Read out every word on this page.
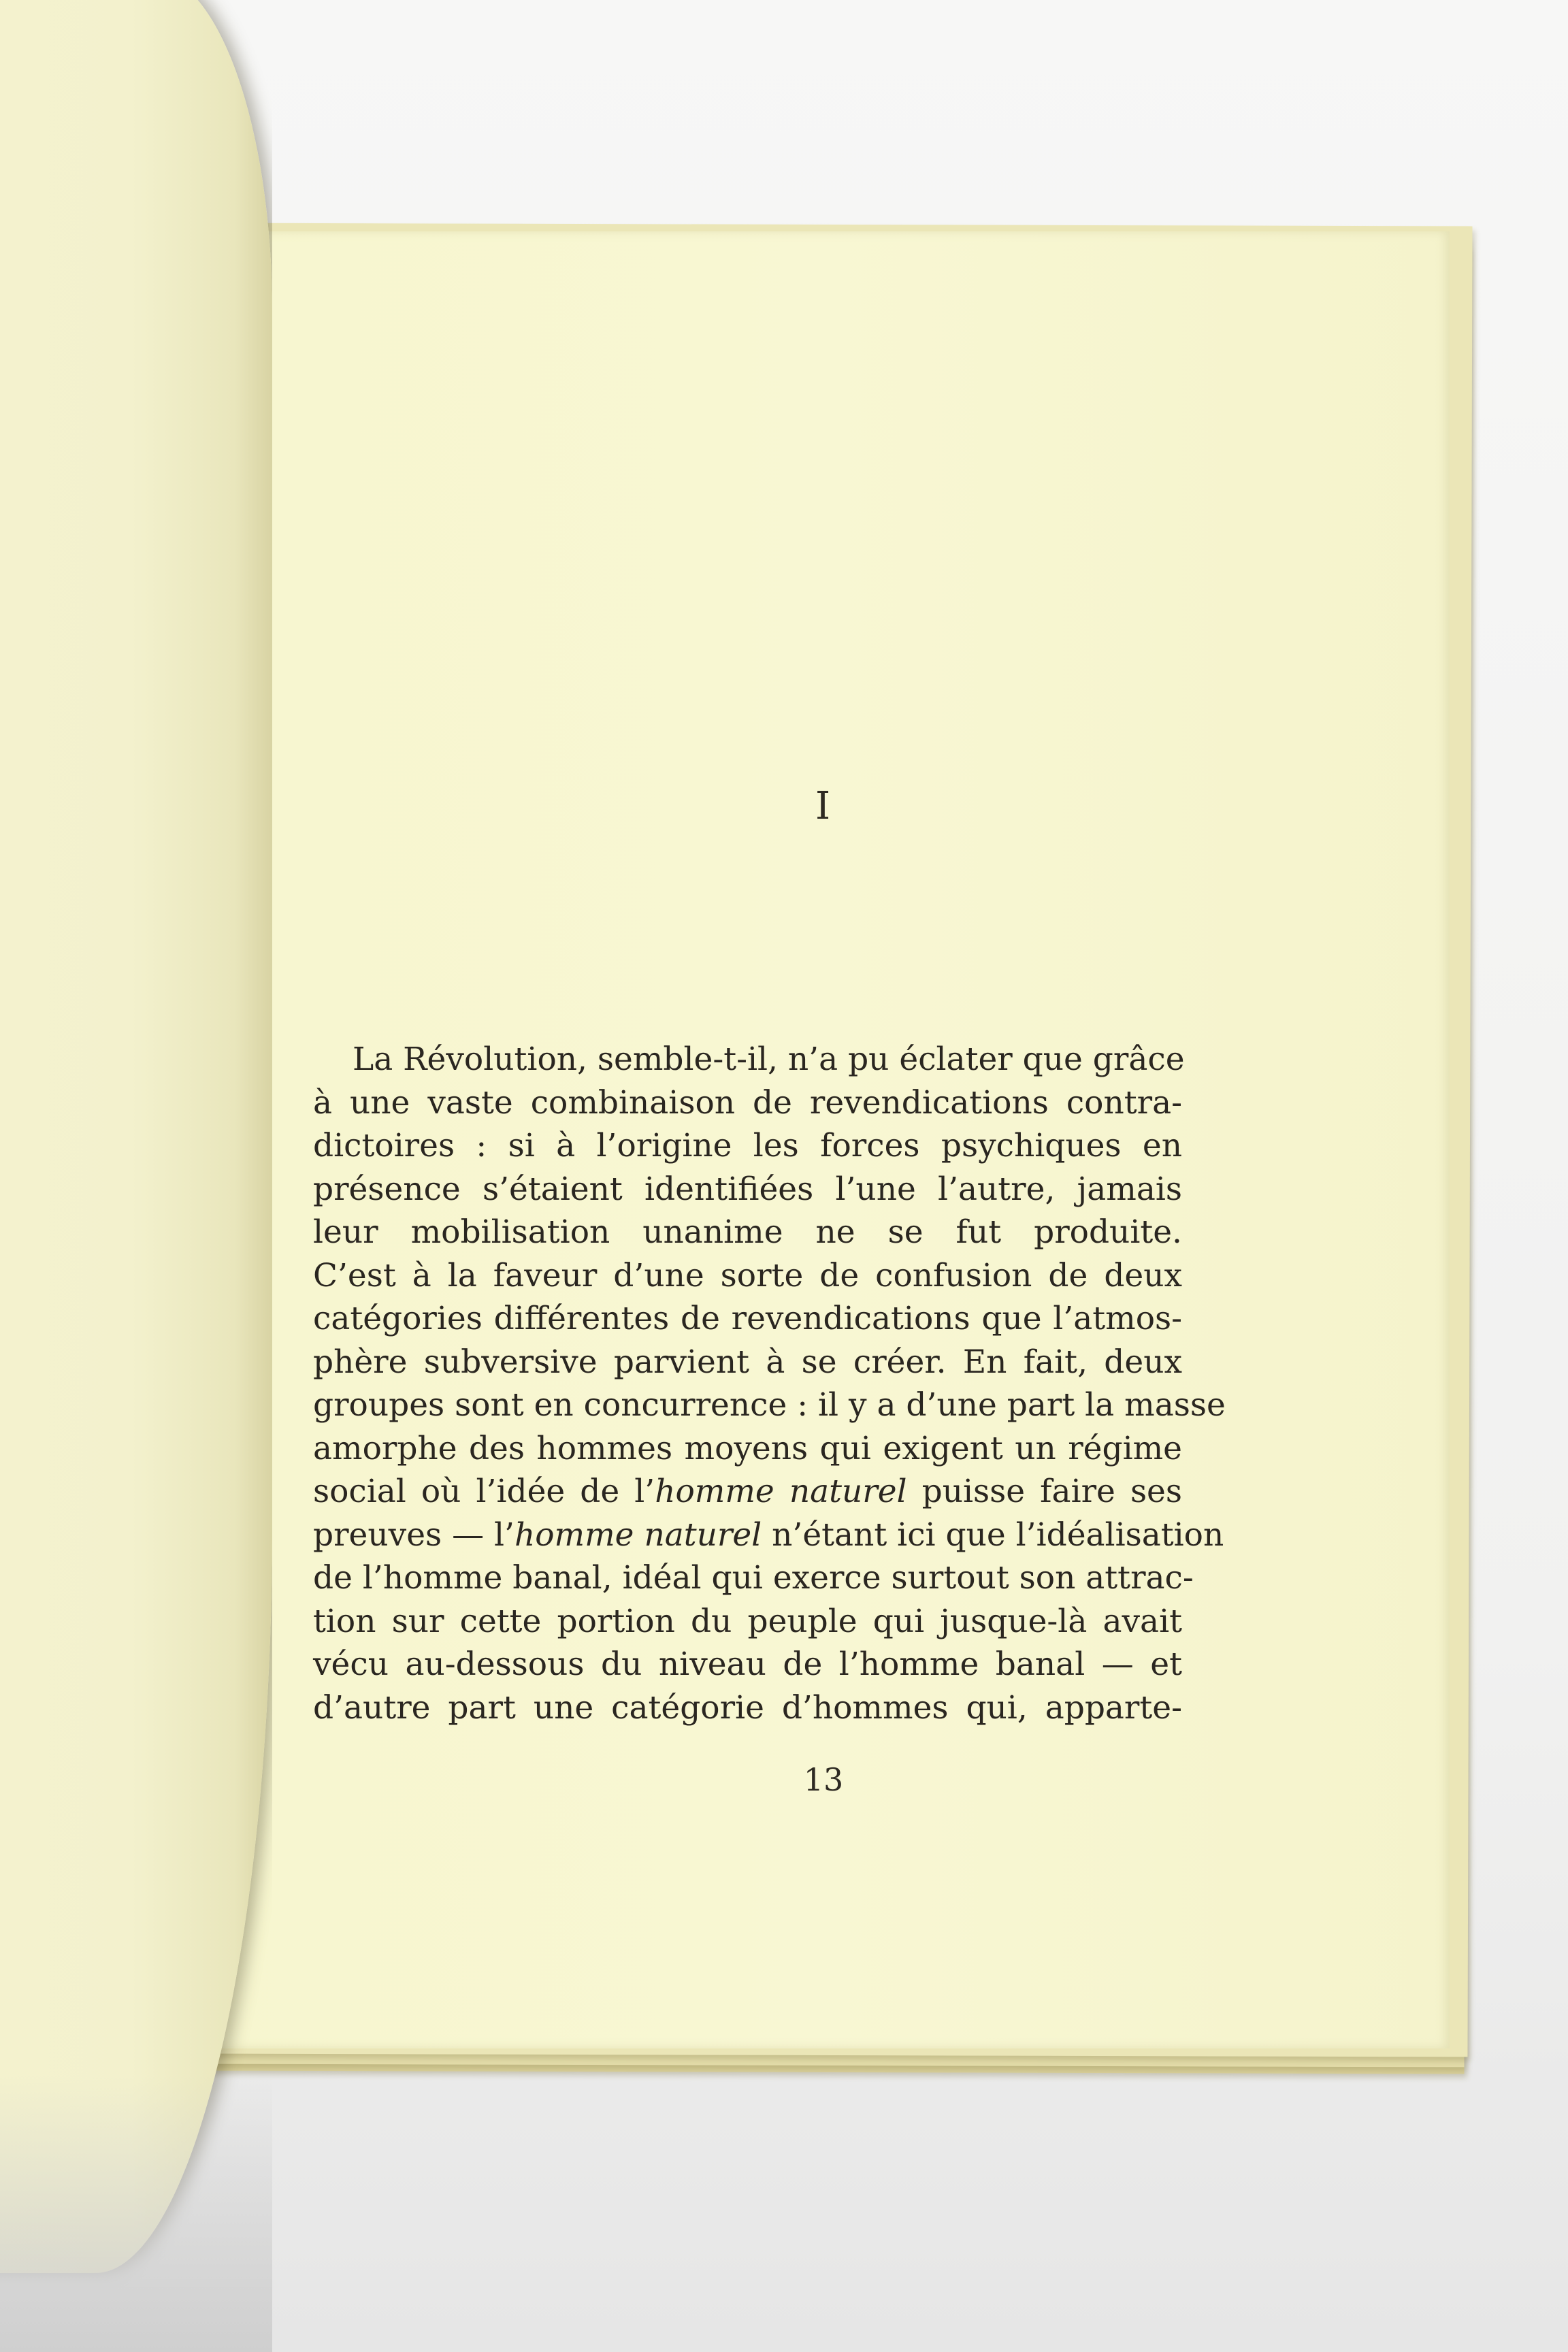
I
La Révolution, semble-t-il, n’a pu éclater que grâce
à une vaste combinaison de revendications contra-
dictoires : si à l’origine les forces psychiques en
présence s’étaient identifiées l’une l’autre, jamais
leur mobilisation unanime ne se fut produite.
C’est à la faveur d’une sorte de confusion de deux
catégories différentes de revendications que l’atmos-
phère subversive parvient à se créer. En fait, deux
groupes sont en concurrence : il y a d’une part la masse
amorphe des hommes moyens qui exigent un régime
social où l’idée de l’homme naturel puisse faire ses
preuves — l’homme naturel n’étant ici que l’idéalisation
de l’homme banal, idéal qui exerce surtout son attrac-
tion sur cette portion du peuple qui jusque-là avait
vécu au-dessous du niveau de l’homme banal — et
d’autre part une catégorie d’hommes qui, apparte-
13
